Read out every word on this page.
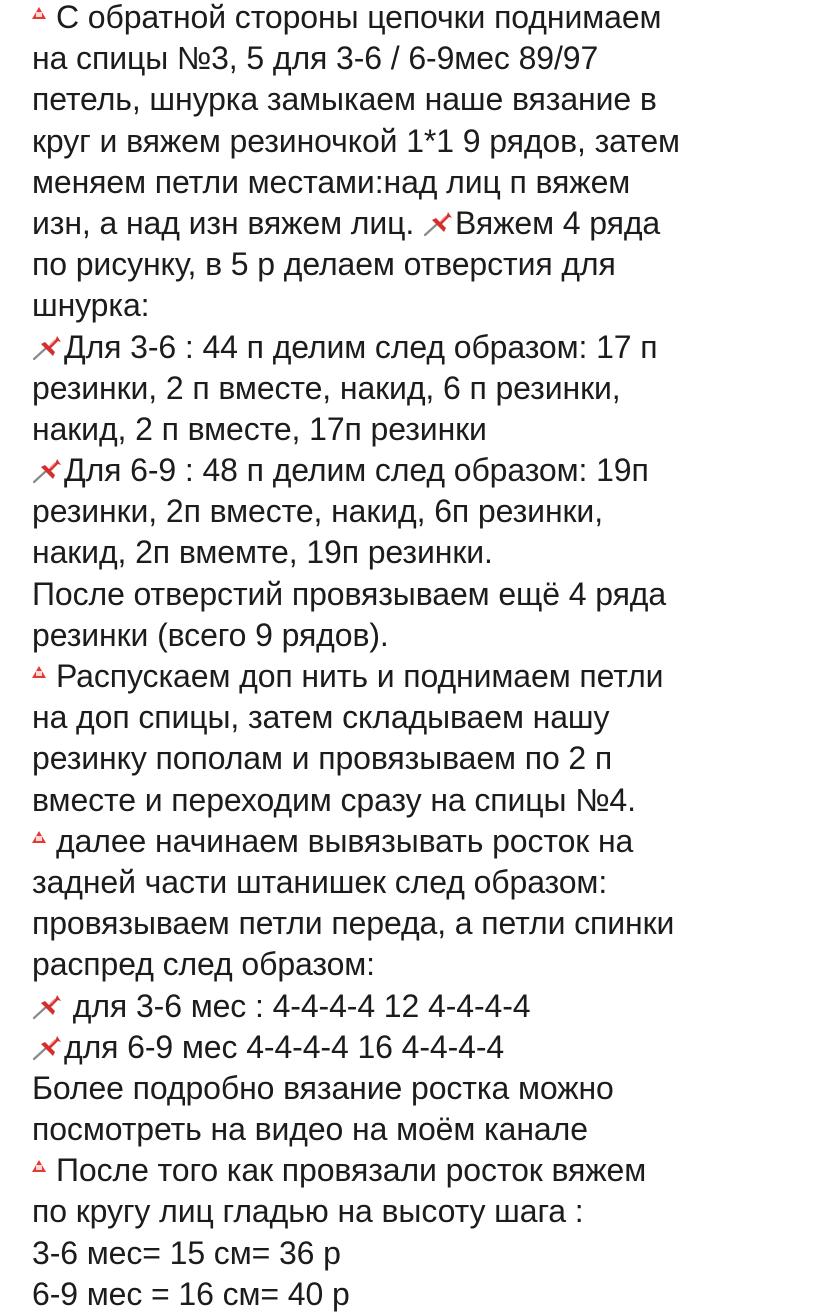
С обратной стороны цепочки поднимаем
на спицы №3, 5 для 3-6 / 6-9мес 89/97
петель, шнурка замыкаем наше вязание в
круг и вяжем резиночкой 1*1 9 рядов, затем
меняем петли местами:над лиц п вяжем
изн, а над изн вяжем лиц.
Вяжем 4 ряда
по рисунку, в 5 р делаем отверстия для
шнурка:
Для 3-6 : 44 п делим след образом: 17 п
резинки, 2 п вместе, накид, 6 п резинки,
накид, 2 п вместе, 17п резинки
Для 6-9 : 48 п делим след образом: 19п
резинки, 2п вместе, накид, 6п резинки,
накид, 2п вмемте, 19п резинки.
После отверстий провязываем ещё 4 ряда
резинки (всего 9 рядов).
Распускаем доп нить и поднимаем петли
на доп спицы, затем складываем нашу
резинку пополам и провязываем по 2 п
вместе и переходим сразу на спицы №4.
далее начинаем вывязывать росток на
задней части штанишек след образом:
провязываем петли переда, а петли спинки
распред след образом:
для 3-6 мес : 4-4-4-4 12 4-4-4-4
для 6-9 мес 4-4-4-4 16 4-4-4-4
Более подробно вязание ростка можно
посмотреть на видео на моём канале
После того как провязали росток вяжем
по кругу лиц гладью на высоту шага :
3-6 мес= 15 см= 36 р
6-9 мес = 16 см= 40 р
